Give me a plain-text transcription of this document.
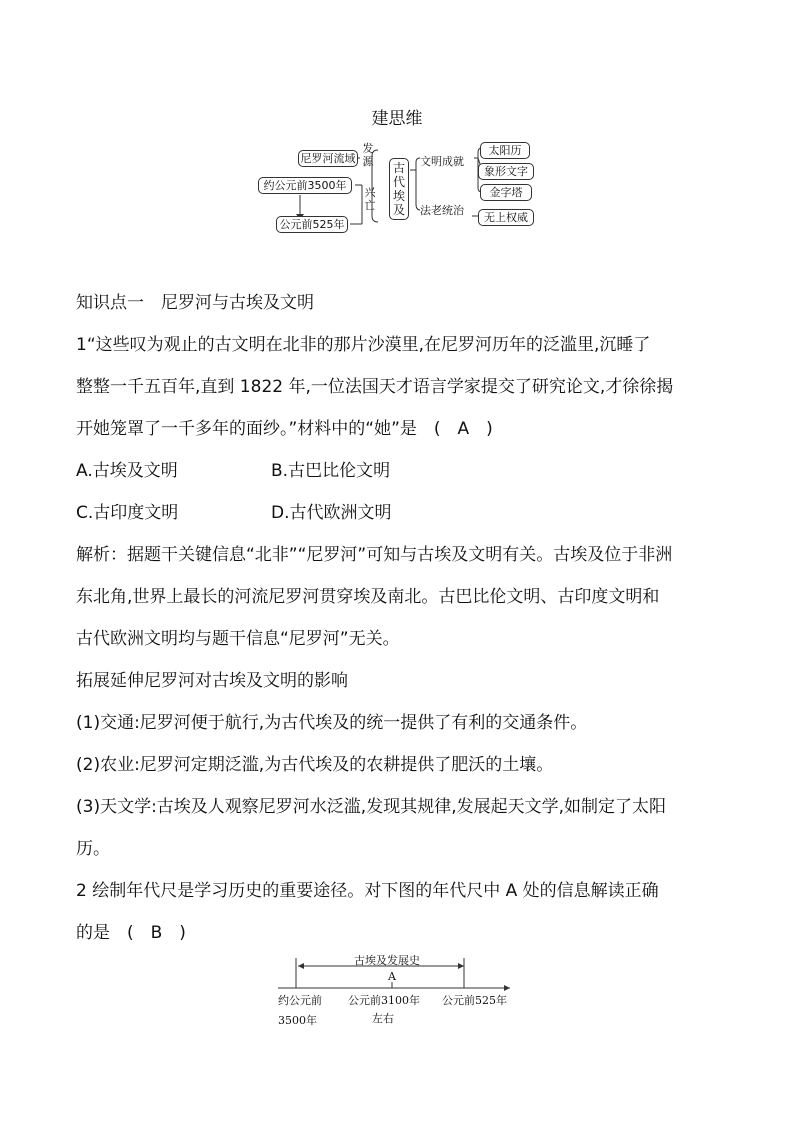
建思维
尼罗河流域
约公元前3500年
公元前525年
发源
兴亡
古代埃及
文明成就
法老统治
太阳历
象形文字
金字塔
无上权威
知识点一　尼罗河与古埃及文明
1“这些叹为观止的古文明在北非的那片沙漠里,在尼罗河历年的泛滥里,沉睡了
整整一千五百年,直到 1822 年,一位法国天才语言学家提交了研究论文,才徐徐揭
开她笼罩了一千多年的面纱。”材料中的“她”是　(　A　)
A.古埃及文明	B.古巴比伦文明
C.古印度文明	D.古代欧洲文明
解析：据题干关键信息“北非”“尼罗河”可知与古埃及文明有关。古埃及位于非洲
东北角,世界上最长的河流尼罗河贯穿埃及南北。古巴比伦文明、古印度文明和
古代欧洲文明均与题干信息“尼罗河”无关。
拓展延伸尼罗河对古埃及文明的影响
(1)交通:尼罗河便于航行,为古代埃及的统一提供了有利的交通条件。
(2)农业:尼罗河定期泛滥,为古代埃及的农耕提供了肥沃的土壤。
(3)天文学:古埃及人观察尼罗河水泛滥,发现其规律,发展起天文学,如制定了太阳
历。
2 绘制年代尺是学习历史的重要途径。对下图的年代尺中 A 处的信息解读正确
的是　(　B　)
古埃及发展史
A
约公元前
3500年
公元前3100年
左右
公元前525年
